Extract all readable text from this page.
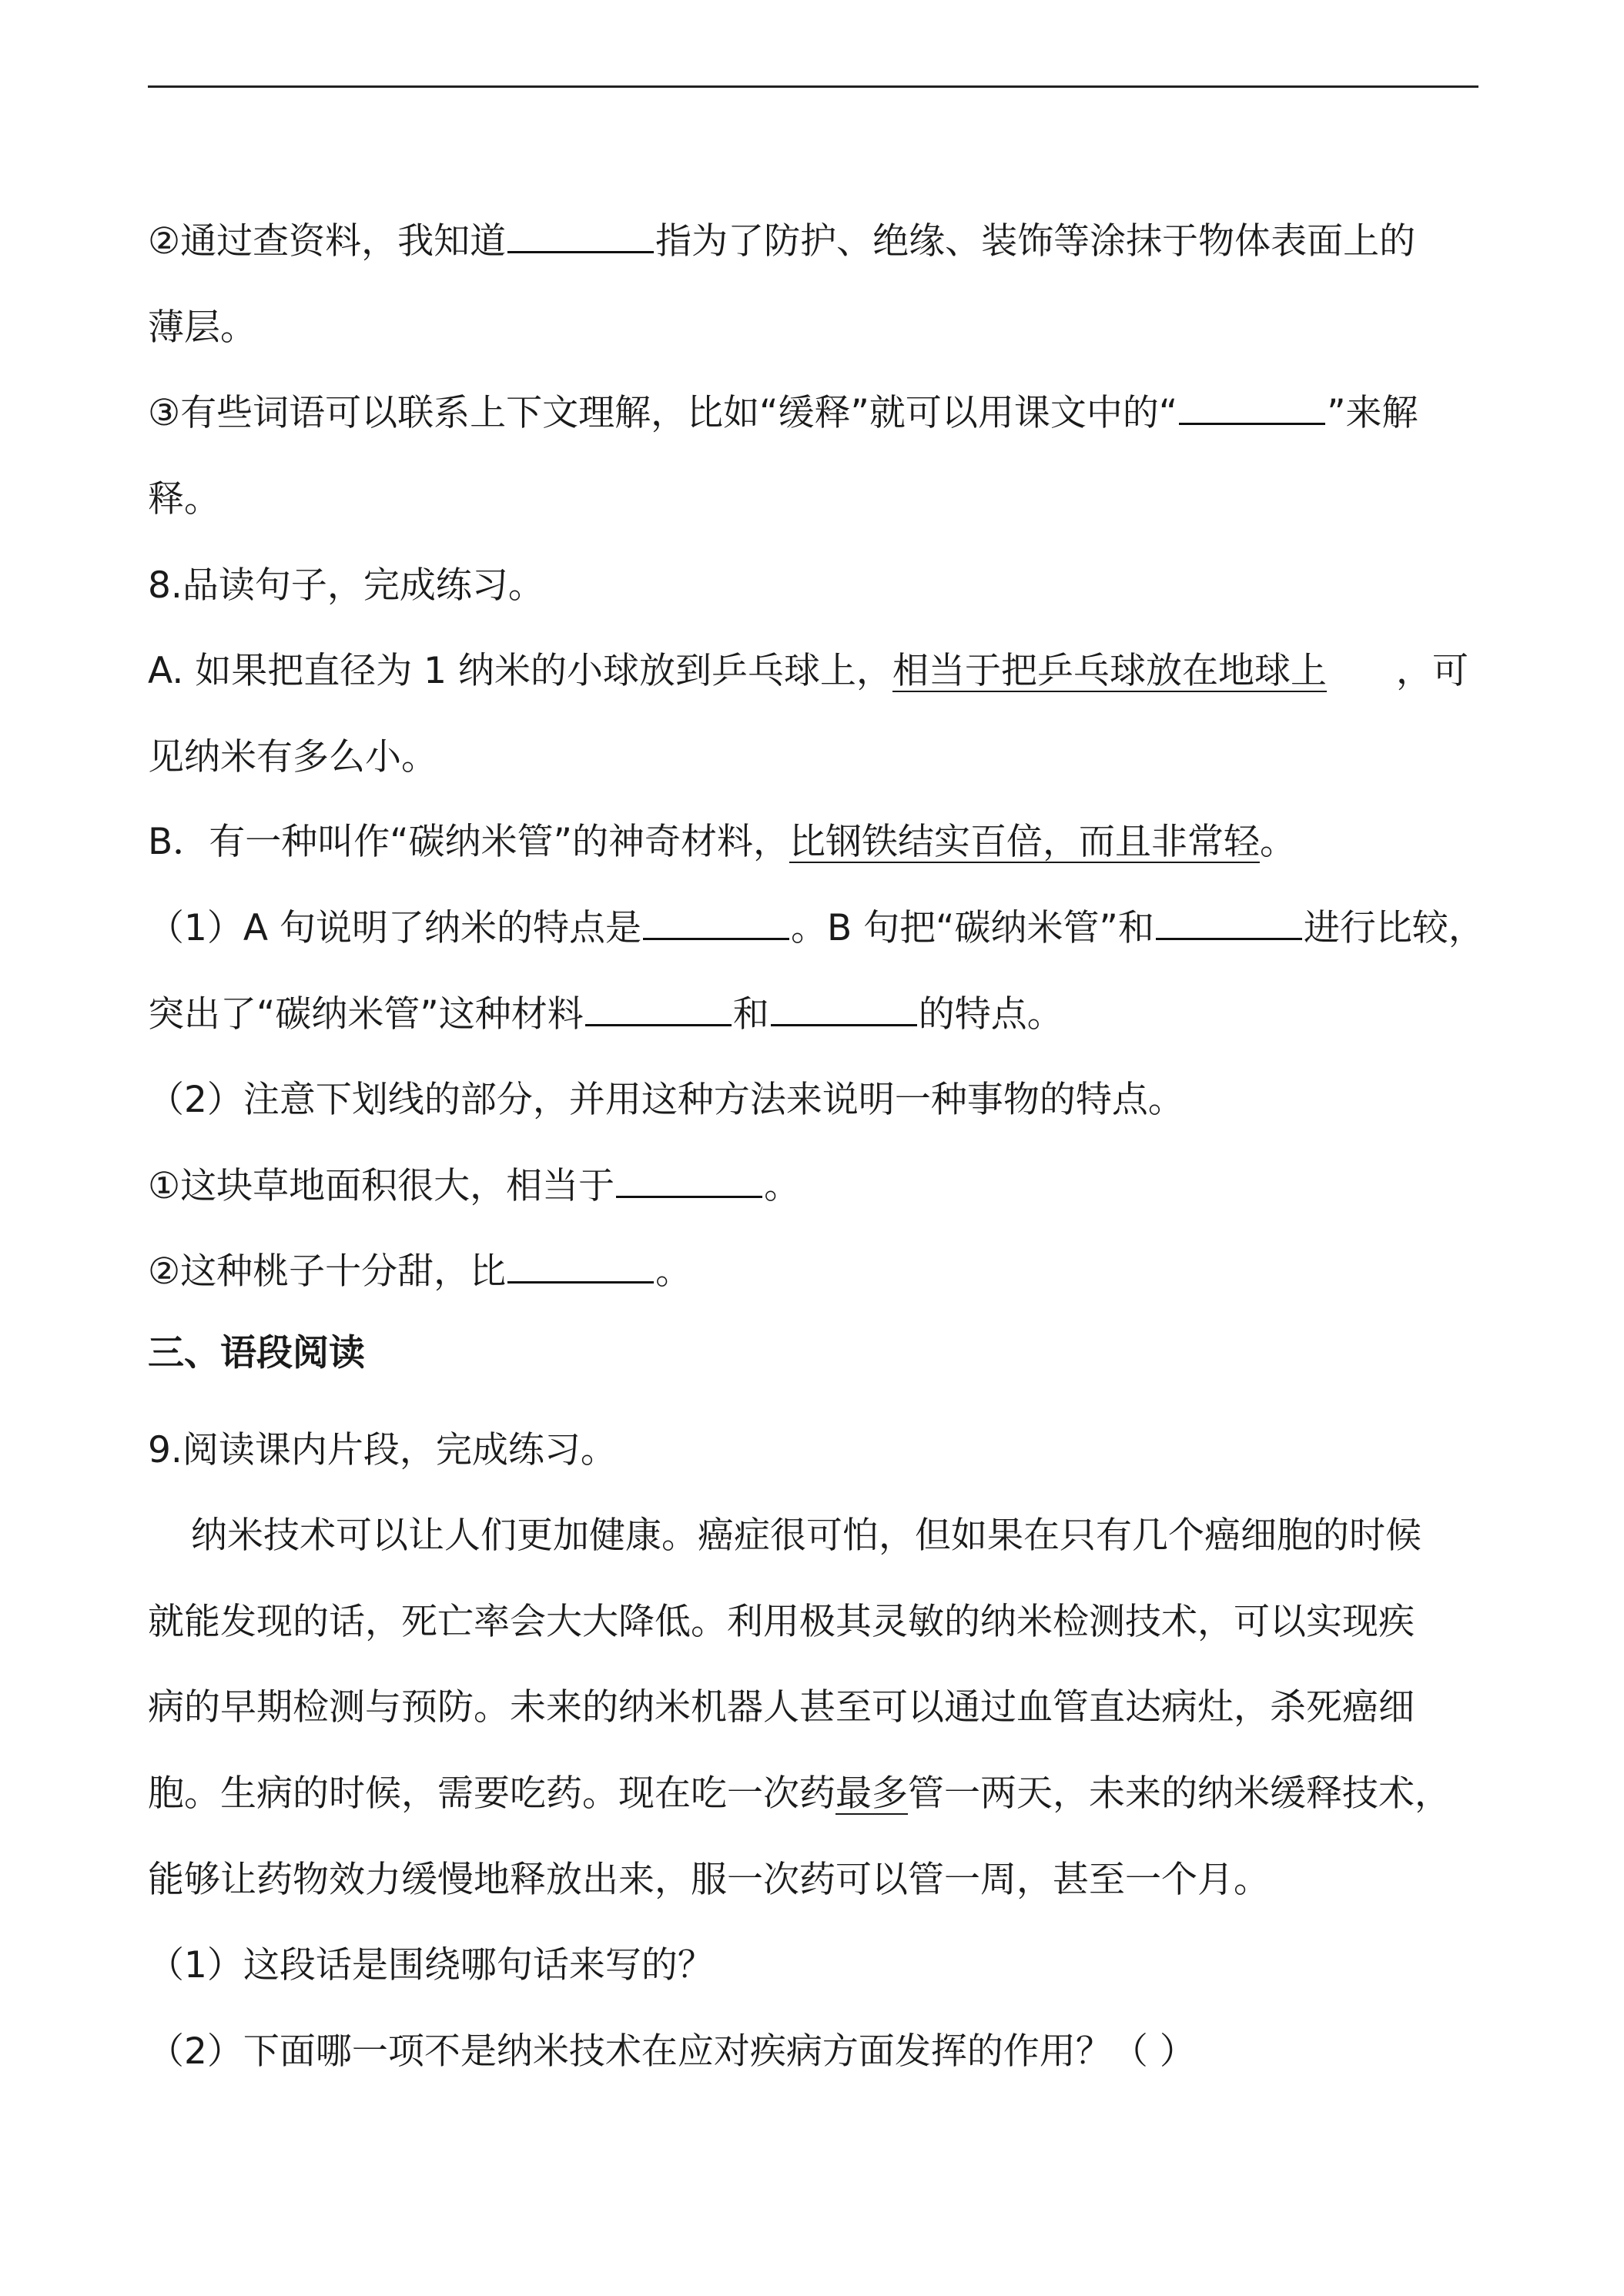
②通过查资料，我知道	指为了防护、绝缘、装饰等涂抹于物体表面上的
薄层。
③有些词语可以联系上下文理解，比如“缓释”就可以用课文中的“	”来解
释。
8.品读句子，完成练习。
A. 如果把直径为 1 纳米的小球放到乒乓球上，相当于把乒乓球放在地球上 ，可
见纳米有多么小。
B．有一种叫作“碳纳米管”的神奇材料，比钢铁结实百倍，而且非常轻。
（1）A 句说明了纳米的特点是	。B 句把“碳纳米管”和	进行比较，
突出了“碳纳米管”这种材料	和	的特点。
（2）注意下划线的部分，并用这种方法来说明一种事物的特点。
①这块草地面积很大，相当于	。
②这种桃子十分甜，比	。
三、语段阅读
9.阅读课内片段，完成练习。
纳米技术可以让人们更加健康。癌症很可怕，但如果在只有几个癌细胞的时候
就能发现的话，死亡率会大大降低。利用极其灵敏的纳米检测技术，可以实现疾
病的早期检测与预防。未来的纳米机器人甚至可以通过血管直达病灶，杀死癌细
胞。生病的时候，需要吃药。现在吃一次药最多管一两天，未来的纳米缓释技术，
能够让药物效力缓慢地释放出来，服一次药可以管一周，甚至一个月。
（1）这段话是围绕哪句话来写的？
（2）下面哪一项不是纳米技术在应对疾病方面发挥的作用？（ ）
